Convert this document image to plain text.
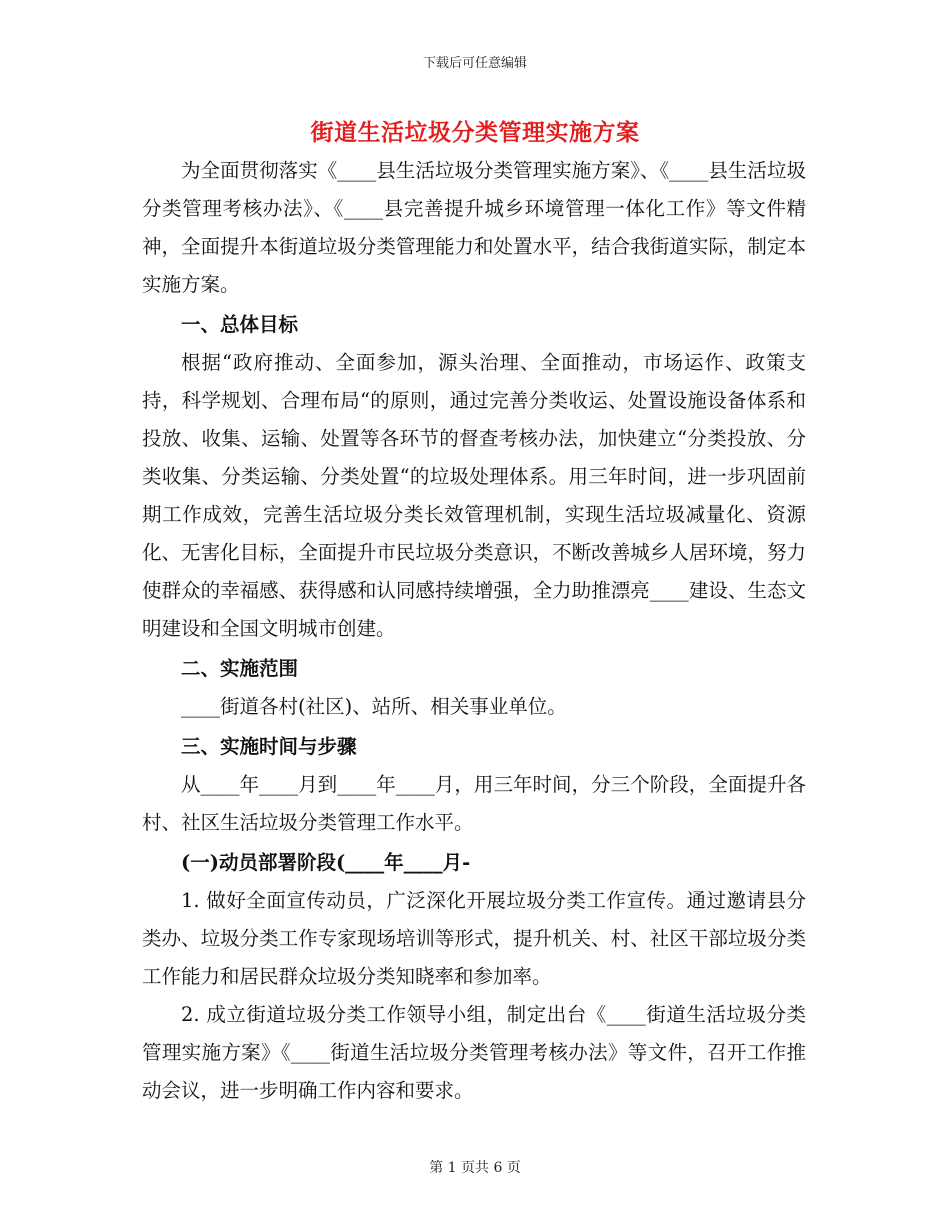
下载后可任意编辑
街道生活垃圾分类管理实施方案

为全面贯彻落实《____县生活垃圾分类管理实施方案》、《____县生活垃圾分类管理考核办法》、《____县完善提升城乡环境管理一体化工作》等文件精神，全面提升本街道垃圾分类管理能力和处置水平，结合我街道实际，制定本实施方案。

一、总体目标

根据“政府推动、全面参加，源头治理、全面推动，市场运作、政策支持，科学规划、合理布局“的原则，通过完善分类收运、处置设施设备体系和投放、收集、运输、处置等各环节的督查考核办法，加快建立“分类投放、分类收集、分类运输、分类处置“的垃圾处理体系。用三年时间，进一步巩固前期工作成效，完善生活垃圾分类长效管理机制，实现生活垃圾减量化、资源化、无害化目标，全面提升市民垃圾分类意识，不断改善城乡人居环境，努力使群众的幸福感、获得感和认同感持续增强，全力助推漂亮____建设、生态文明建设和全国文明城市创建。

二、实施范围

____街道各村(社区)、站所、相关事业单位。

三、实施时间与步骤

从____年____月到____年____月，用三年时间，分三个阶段，全面提升各村、社区生活垃圾分类管理工作水平。

(一)动员部署阶段(____年____月-

1. 做好全面宣传动员，广泛深化开展垃圾分类工作宣传。通过邀请县分类办、垃圾分类工作专家现场培训等形式，提升机关、村、社区干部垃圾分类工作能力和居民群众垃圾分类知晓率和参加率。

2. 成立街道垃圾分类工作领导小组，制定出台《____街道生活垃圾分类管理实施方案》《____街道生活垃圾分类管理考核办法》等文件，召开工作推动会议，进一步明确工作内容和要求。

第 1 页共 6 页
